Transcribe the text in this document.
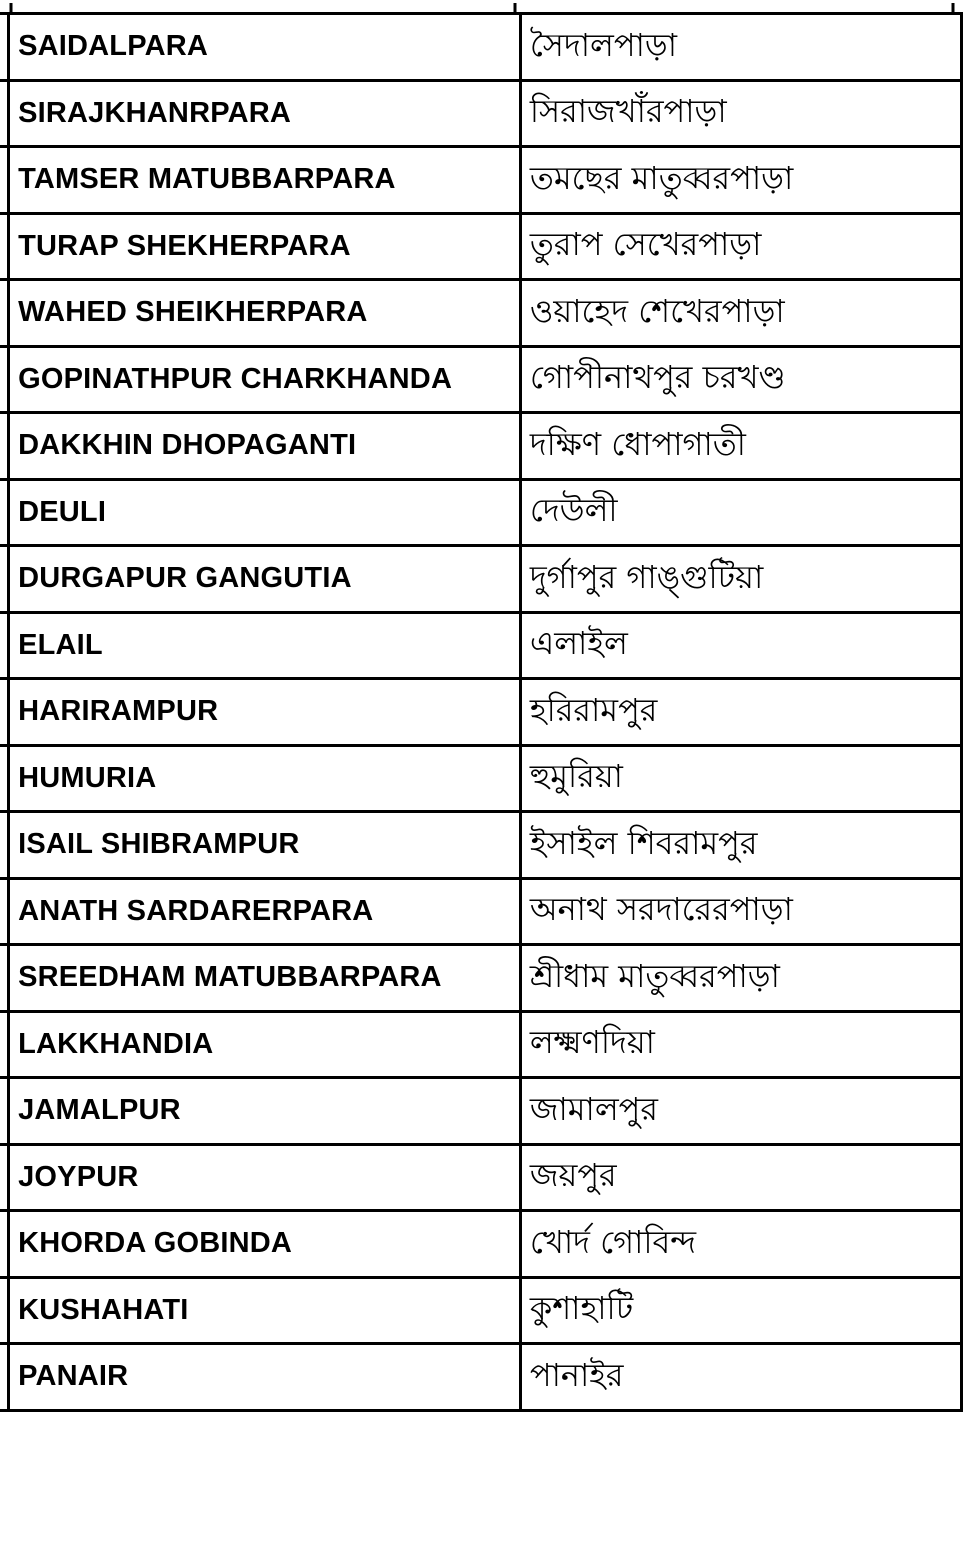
	SAIDALPARA	সৈদালপাড়া
	SIRAJKHANRPARA	সিরাজখাঁরপাড়া
	TAMSER MATUBBARPARA	তমছের মাতুব্বরপাড়া
	TURAP SHEKHERPARA	তুরাপ সেখেরপাড়া
	WAHED SHEIKHERPARA	ওয়াহেদ শেখেরপাড়া
	GOPINATHPUR CHARKHANDA	গোপীনাথপুর চরখণ্ড
	DAKKHIN DHOPAGANTI	দক্ষিণ ধোপাগাতী
	DEULI	দেউলী
	DURGAPUR GANGUTIA	দুর্গাপুর গাঙ্গুটিয়া
	ELAIL	এলাইল
	HARIRAMPUR	হরিরামপুর
	HUMURIA	হুমুরিয়া
	ISAIL SHIBRAMPUR	ইসাইল শিবরামপুর
	ANATH SARDARERPARA	অনাথ সরদারেরপাড়া
	SREEDHAM MATUBBARPARA	শ্রীধাম মাতুব্বরপাড়া
	LAKKHANDIA	লক্ষ্মণদিয়া
	JAMALPUR	জামালপুর
	JOYPUR	জয়পুর
	KHORDA GOBINDA	খোর্দ গোবিন্দ
	KUSHAHATI	কুশাহাটি
	PANAIR	পানাইর
